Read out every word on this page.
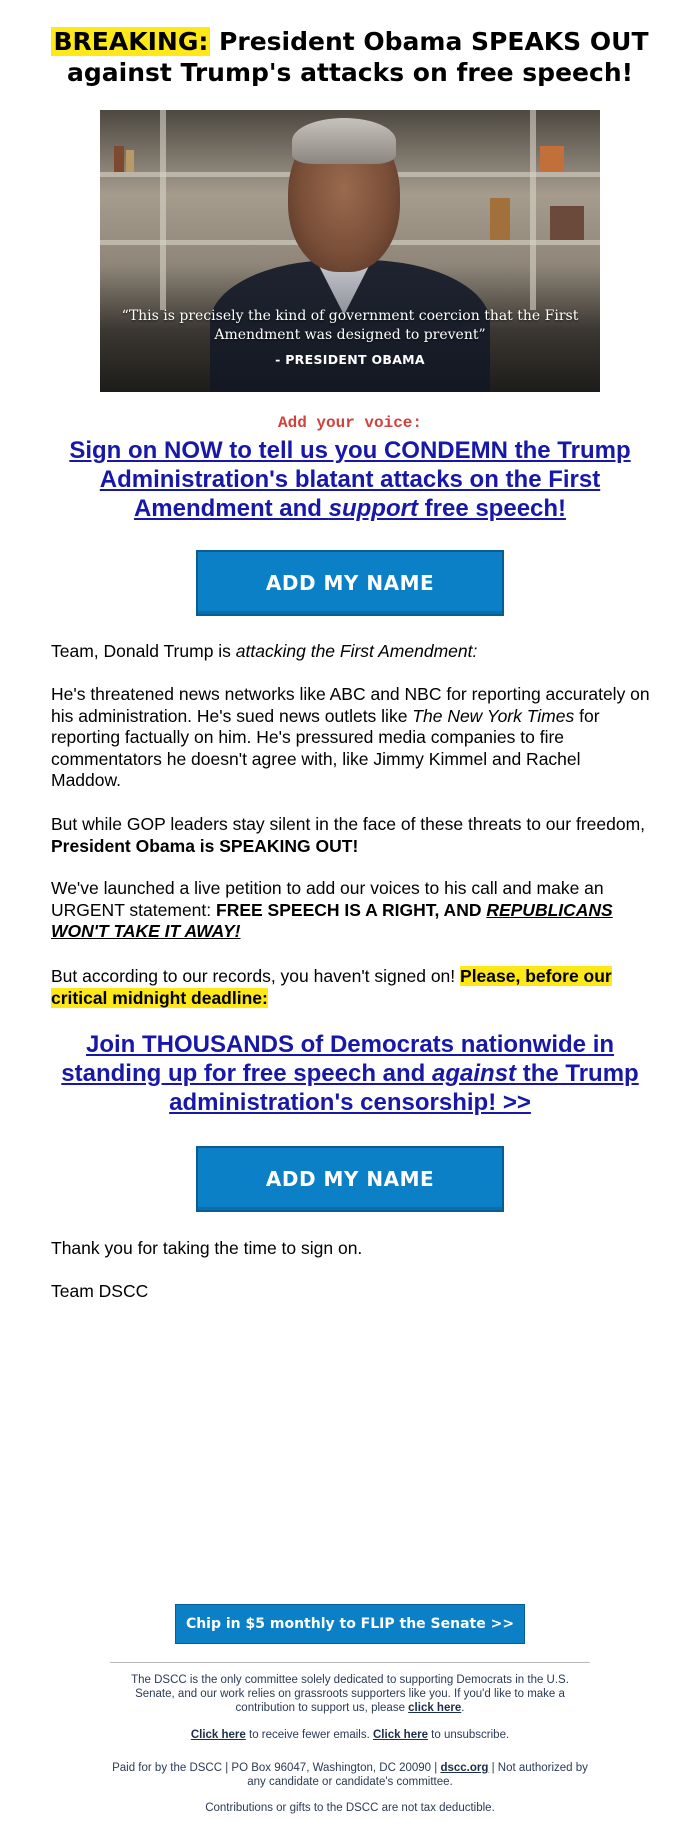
BREAKING: President Obama SPEAKS OUT against Trump's attacks on free speech!
“This is precisely the kind of government coercion that the First Amendment was designed to prevent”
- PRESIDENT OBAMA
Add your voice:
Sign on NOW to tell us you CONDEMN the Trump Administration's blatant attacks on the First Amendment and support free speech!
ADD MY NAME

Team, Donald Trump is attacking the First Amendment:

He's threatened news networks like ABC and NBC for reporting accurately on his administration. He's sued news outlets like The New York Times for reporting factually on him. He's pressured media companies to fire commentators he doesn't agree with, like Jimmy Kimmel and Rachel Maddow.

But while GOP leaders stay silent in the face of these threats to our freedom, President Obama is SPEAKING OUT!

We've launched a live petition to add our voices to his call and make an URGENT statement: FREE SPEECH IS A RIGHT, AND REPUBLICANS WON'T TAKE IT AWAY!

But according to our records, you haven't signed on! Please, before our critical midnight deadline:

Join THOUSANDS of Democrats nationwide in standing up for free speech and against the Trump administration's censorship! >>
ADD MY NAME

Thank you for taking the time to sign on.

Team DSCC

Chip in $5 monthly to FLIP the Senate >>

The DSCC is the only committee solely dedicated to supporting Democrats in the U.S. Senate, and our work relies on grassroots supporters like you. If you'd like to make a contribution to support us, please click here.

Click here to receive fewer emails. Click here to unsubscribe.

Paid for by the DSCC | PO Box 96047, Washington, DC 20090 | dscc.org | Not authorized by any candidate or candidate's committee.

Contributions or gifts to the DSCC are not tax deductible.
